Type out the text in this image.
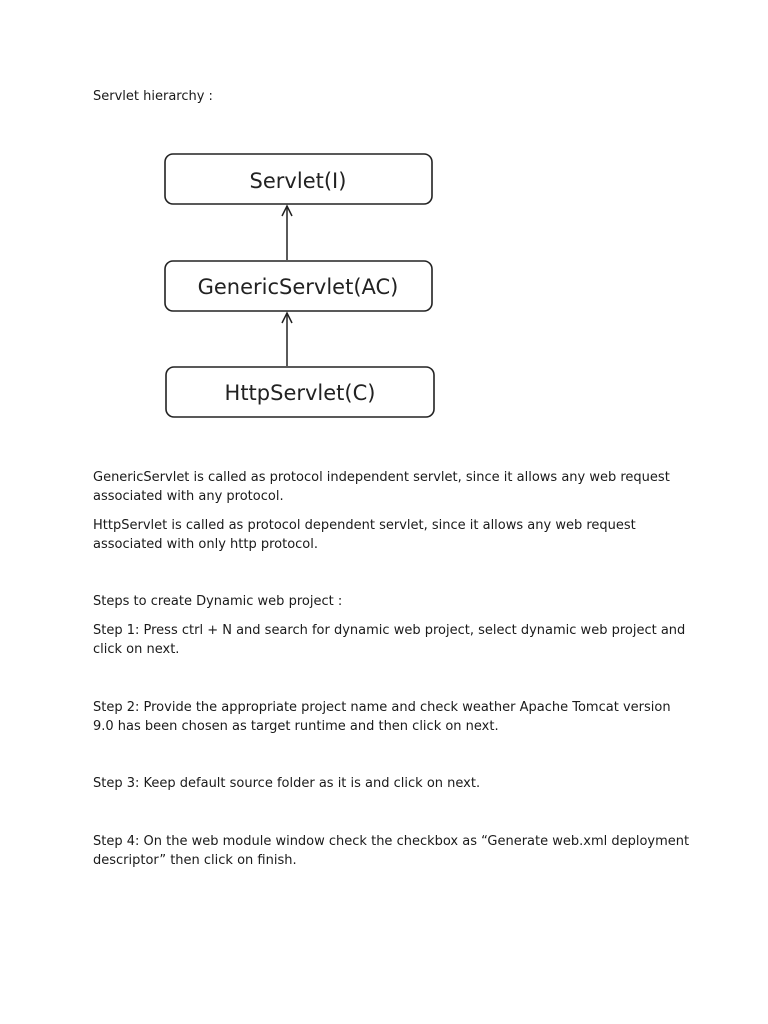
Servlet hierarchy :

Servlet(I)
GenericServlet(AC)
HttpServlet(C)

GenericServlet is called as protocol independent servlet, since it allows any web request associated with any protocol.

HttpServlet is called as protocol dependent servlet, since it allows any web request associated with only http protocol.

Steps to create Dynamic web project :

Step 1: Press ctrl + N and search for dynamic web project, select dynamic web project and click on next.

Step 2: Provide the appropriate project name and check weather Apache Tomcat version 9.0 has been chosen as target runtime and then click on next.

Step 3: Keep default source folder as it is and click on next.

Step 4: On the web module window check the checkbox as “Generate web.xml deployment descriptor” then click on finish.
